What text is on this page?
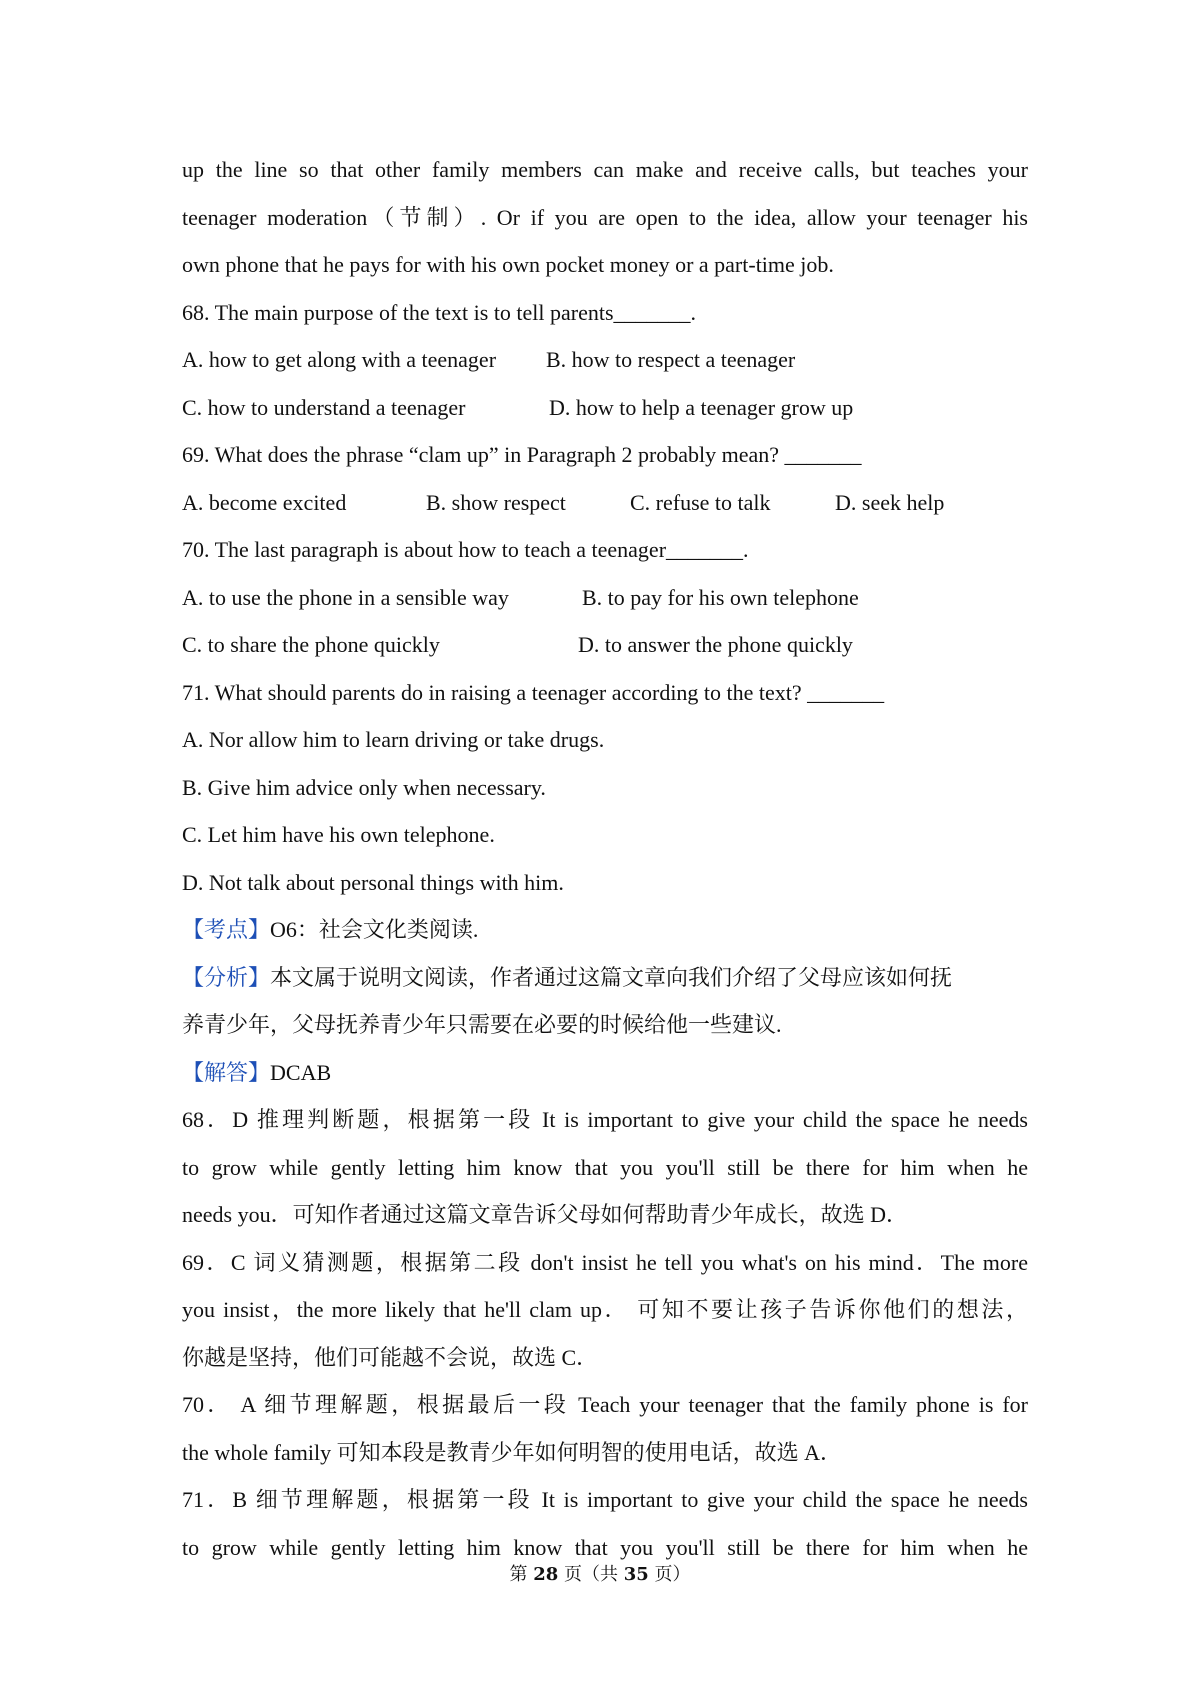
up the line so that other family members can make and receive calls, but teaches your
teenager moderation（节制）. Or if you are open to the idea, allow your teenager his
own phone that he pays for with his own pocket money or a part-time job.
68. The main purpose of the text is to tell parents_______.
A. how to get along with a teenager B. how to respect a teenager
C. how to understand a teenager	D. how to help a teenager grow up
69. What does the phrase “clam up” in Paragraph 2 probably mean? _______
A. become excited	B. show respect	C. refuse to talk	D. seek help
70. The last paragraph is about how to teach a teenager_______.
A. to use the phone in a sensible way	B. to pay for his own telephone
C. to share the phone quickly	D. to answer the phone quickly
71. What should parents do in raising a teenager according to the text? _______
A. Nor allow him to learn driving or take drugs.
B. Give him advice only when necessary.
C. Let him have his own telephone.
D. Not talk about personal things with him.
【考点】O6：社会文化类阅读.
【分析】本文属于说明文阅读，作者通过这篇文章向我们介绍了父母应该如何抚
养青少年，父母抚养青少年只需要在必要的时候给他一些建议.
【解答】DCAB
68．D 推理判断题，根据第一段 It is important to give your child the space he needs
to grow while gently letting him know that you you'll still be there for him when he
needs you．可知作者通过这篇文章告诉父母如何帮助青少年成长，故选 D．
69．C 词义猜测题，根据第二段 don't insist he tell you what's on his mind．The more
you insist，the more likely that he'll clam up． 可知不要让孩子告诉你他们的想法，
你越是坚持，他们可能越不会说，故选 C．
70． A 细节理解题，根据最后一段 Teach your teenager that the family phone is for
the whole family 可知本段是教青少年如何明智的使用电话，故选 A．
71．B 细节理解题，根据第一段 It is important to give your child the space he needs
to grow while gently letting him know that you you'll still be there for him when he
第 28 页（共 35 页）
